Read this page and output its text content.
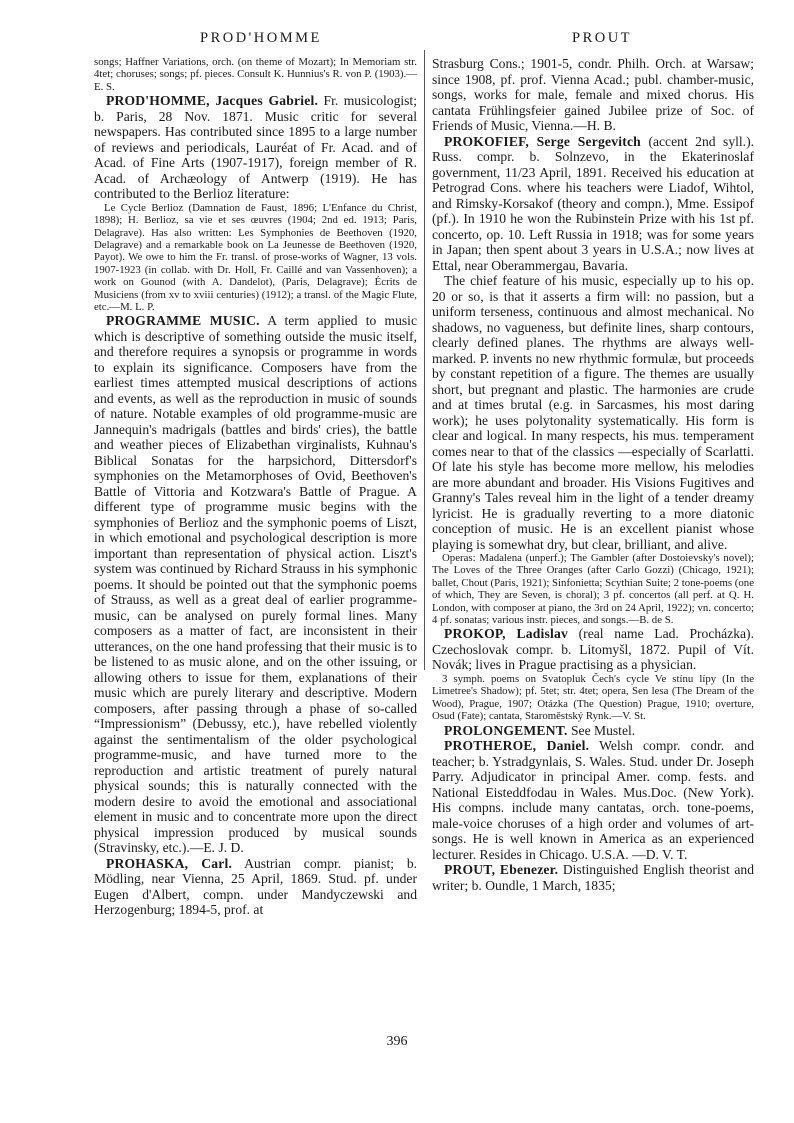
PROD'HOMME	PROUT

songs; Haffner Variations, orch. (on theme of Mozart); In Memoriam str. 4tet; choruses; songs; pf. pieces. Consult K. Hunnius's R. von P. (1903).—E. S.

PROD'HOMME, Jacques Gabriel. Fr. musicologist; b. Paris, 28 Nov. 1871. Music critic for several newspapers. Has contributed since 1895 to a large number of reviews and periodicals, Lauréat of Fr. Acad. and of Acad. of Fine Arts (1907-1917), foreign member of R. Acad. of Archæology of Antwerp (1919). He has contributed to the Berlioz literature:

Le Cycle Berlioz (Damnation de Faust, 1896; L'Enfance du Christ, 1898); H. Berlioz, sa vie et ses œuvres (1904; 2nd ed. 1913; Paris, Delagrave). Has also written: Les Symphonies de Beethoven (1920, Delagrave) and a remarkable book on La Jeunesse de Beethoven (1920, Payot). We owe to him the Fr. transl. of prose-works of Wagner, 13 vols. 1907-1923 (in collab. with Dr. Holl, Fr. Caillé and van Vassenhoven); a work on Gounod (with A. Dandelot), (Paris, Delagrave); Écrits de Musiciens (from xv to xviii centuries) (1912); a transl. of the Magic Flute, etc.—M. L. P.

PROGRAMME MUSIC. A term applied to music which is descriptive of something outside the music itself, and therefore requires a synopsis or programme in words to explain its significance. Composers have from the earliest times attempted musical descriptions of actions and events, as well as the reproduction in music of sounds of nature. Notable examples of old programme-music are Jannequin's madrigals (battles and birds' cries), the battle and weather pieces of Elizabethan virginalists, Kuhnau's Biblical Sonatas for the harpsichord, Dittersdorf's symphonies on the Metamorphoses of Ovid, Beethoven's Battle of Vittoria and Kotzwara's Battle of Prague. A different type of programme music begins with the symphonies of Berlioz and the symphonic poems of Liszt, in which emotional and psychological description is more important than representation of physical action. Liszt's system was continued by Richard Strauss in his symphonic poems. It should be pointed out that the symphonic poems of Strauss, as well as a great deal of earlier programme-music, can be analysed on purely formal lines. Many composers as a matter of fact, are inconsistent in their utterances, on the one hand professing that their music is to be listened to as music alone, and on the other issuing, or allowing others to issue for them, explanations of their music which are purely literary and descriptive. Modern composers, after passing through a phase of so-called “Impressionism” (Debussy, etc.), have rebelled violently against the sentimentalism of the older psychological programme-music, and have turned more to the reproduction and artistic treatment of purely natural physical sounds; this is naturally connected with the modern desire to avoid the emotional and associational element in music and to concentrate more upon the direct physical impression produced by musical sounds (Stravinsky, etc.).—E. J. D.

PROHASKA, Carl. Austrian compr. pianist; b. Mödling, near Vienna, 25 April, 1869. Stud. pf. under Eugen d'Albert, compn. under Mandyczewski and Herzogenburg; 1894-5, prof. at

Strasburg Cons.; 1901-5, condr. Philh. Orch. at Warsaw; since 1908, pf. prof. Vienna Acad.; publ. chamber-music, songs, works for male, female and mixed chorus. His cantata Frühlingsfeier gained Jubilee prize of Soc. of Friends of Music, Vienna.—H. B.

PROKOFIEF, Serge Sergevitch (accent 2nd syll.). Russ. compr. b. Solnzevo, in the Ekaterinoslaf government, 11/23 April, 1891. Received his education at Petrograd Cons. where his teachers were Liadof, Wihtol, and Rimsky-Korsakof (theory and compn.), Mme. Essipof (pf.). In 1910 he won the Rubinstein Prize with his 1st pf. concerto, op. 10. Left Russia in 1918; was for some years in Japan; then spent about 3 years in U.S.A.; now lives at Ettal, near Oberammergau, Bavaria.

The chief feature of his music, especially up to his op. 20 or so, is that it asserts a firm will: no passion, but a uniform terseness, continuous and almost mechanical. No shadows, no vagueness, but definite lines, sharp contours, clearly defined planes. The rhythms are always well-marked. P. invents no new rhythmic formulæ, but proceeds by constant repetition of a figure. The themes are usually short, but pregnant and plastic. The harmonies are crude and at times brutal (e.g. in Sarcasmes, his most daring work); he uses polytonality systematically. His form is clear and logical. In many respects, his mus. temperament comes near to that of the classics —especially of Scarlatti. Of late his style has become more mellow, his melodies are more abundant and broader. His Visions Fugitives and Granny's Tales reveal him in the light of a tender dreamy lyricist. He is gradually reverting to a more diatonic conception of music. He is an excellent pianist whose playing is somewhat dry, but clear, brilliant, and alive.

Operas: Madalena (unperf.); The Gambler (after Dostoievsky's novel); The Loves of the Three Oranges (after Carlo Gozzi) (Chicago, 1921); ballet, Chout (Paris, 1921); Sinfonietta; Scythian Suite; 2 tone-poems (one of which, They are Seven, is choral); 3 pf. concertos (all perf. at Q. H. London, with composer at piano, the 3rd on 24 April, 1922); vn. concerto; 4 pf. sonatas; various instr. pieces, and songs.—B. de S.

PROKOP, Ladislav (real name Lad. Procházka). Czechoslovak compr. b. Litomyšl, 1872. Pupil of Vít. Novák; lives in Prague practising as a physician.

3 symph. poems on Svatopluk Čech's cycle Ve stínu lípy (In the Limetree's Shadow); pf. 5tet; str. 4tet; opera, Sen lesa (The Dream of the Wood), Prague, 1907; Otázka (The Question) Prague, 1910; overture, Osud (Fate); cantata, Staroměstský Rynk.—V. St.

PROLONGEMENT. See Mustel.

PROTHEROE, Daniel. Welsh compr. condr. and teacher; b. Ystradgynlais, S. Wales. Stud. under Dr. Joseph Parry. Adjudicator in principal Amer. comp. fests. and National Eisteddfodau in Wales. Mus.Doc. (New York). His compns. include many cantatas, orch. tone-poems, male-voice choruses of a high order and volumes of art-songs. He is well known in America as an experienced lecturer. Resides in Chicago. U.S.A. —D. V. T.

PROUT, Ebenezer. Distinguished English theorist and writer; b. Oundle, 1 March, 1835;

396
